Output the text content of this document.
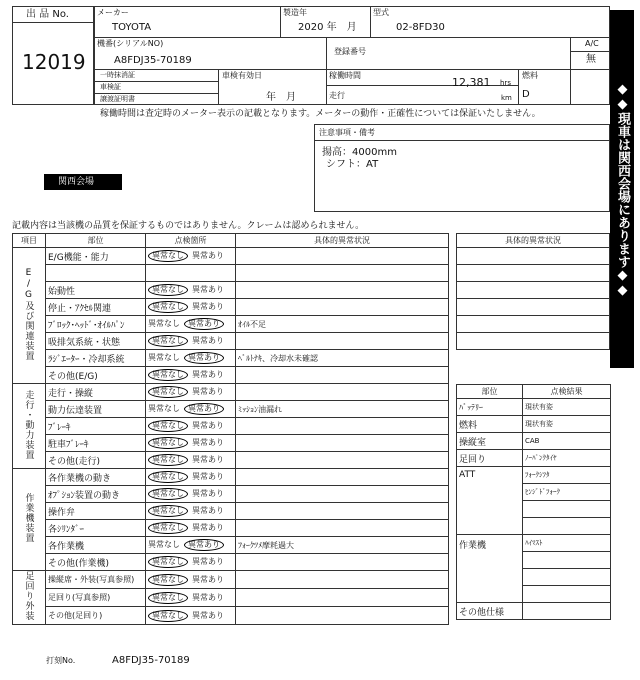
出 品 No.
12019
メーカー
TOYOTA
製造年
2020 年　月
型式
02-8FD30
機番(シリアルNO)
A8FDJ35-70189
登録番号
A/C
無
一時抹消証
車検証
譲渡証明書
車検有効日
年　月
稼働時間
12,381 hrs
走行	km
燃料
D
稼働時間は査定時のメーター表示の記載となります。メーターの動作・正確性については保証いたしません。
注意事項・備考
揚高：4000mm
シフト：AT
関西会場	◆◆現車は関西会場にあります◆◆
記載内容は当該機の品質を保証するものではありません。クレームは認められません。
項目	部位	点検箇所	具体的異常状況
E/G及び関連装置	E/G機能・能力	異常なし 異常あり	

	始動性	異常なし 異常あり	
	停止・ｱｸｾﾙ関連	異常なし 異常あり	
	ﾌﾞﾛｯｸ･ﾍｯﾄﾞ･ｵｲﾙﾊﾟﾝ	異常なし 異常あり	ｵｲﾙ不足
	吸排気系統・状態	異常なし 異常あり	
	ﾗｼﾞｴｰﾀｰ・冷却系統	異常なし 異常あり	ﾍﾞﾙﾄﾅｷ、冷却水未確認
	その他(E/G)	異常なし 異常あり	
走行・動力装置	走行・操縦	異常なし 異常あり	
	動力伝達装置	異常なし 異常あり	ﾐｯｼｮﾝ油漏れ
	ﾌﾞﾚｰｷ	異常なし 異常あり	
	駐車ﾌﾞﾚｰｷ	異常なし 異常あり	
	その他(走行)	異常なし 異常あり	
作業機装置	各作業機の動き	異常なし 異常あり	
	ｵﾌﾟｼｮﾝ装置の動き	異常なし 異常あり	
	操作弁	異常なし 異常あり	
	各ｼﾘﾝﾀﾞｰ	異常なし 異常あり	
	各作業機	異常なし 異常あり	ﾌｫｰｸﾂﾒ摩耗過大
	その他(作業機)	異常なし 異常あり	
足回り外装	操縦席・外装(写真参照)	異常なし 異常あり	
	足回り(写真参照)	異常なし 異常あり	
	その他(足回り)	異常なし 異常あり	
具体的異常状況

部位	点検結果
ﾊﾞｯﾃﾘｰ	現状有姿
燃料	現状有姿
操縦室	CAB
足回り	ﾉｰﾊﾟﾝｸﾀｲﾔ
ATT	ﾌｫｰｸｼﾌﾀ
	ﾋﾝｼﾞﾄﾞﾌｫｰｸ

作業機	ﾊｲﾏｽﾄ

その他仕様	
打刻No.	A8FDJ35-70189
